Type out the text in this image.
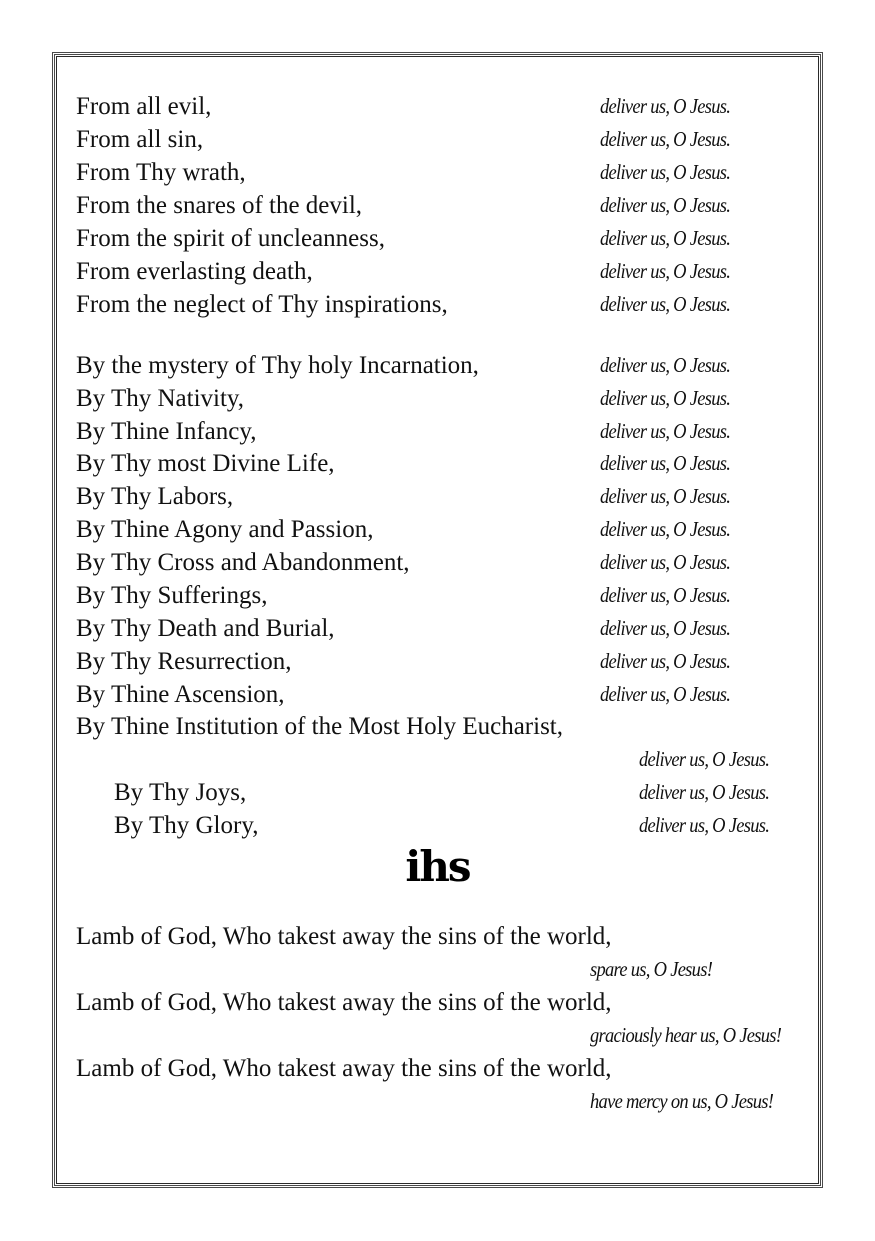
From all evil,	deliver us, O Jesus.
From all sin,	deliver us, O Jesus.
From Thy wrath,	deliver us, O Jesus.
From the snares of the devil,	deliver us, O Jesus.
From the spirit of uncleanness,	deliver us, O Jesus.
From everlasting death,	deliver us, O Jesus.
From the neglect of Thy inspirations,	deliver us, O Jesus.
By the mystery of Thy holy Incarnation,	deliver us, O Jesus.
By Thy Nativity,	deliver us, O Jesus.
By Thine Infancy,	deliver us, O Jesus.
By Thy most Divine Life,	deliver us, O Jesus.
By Thy Labors,	deliver us, O Jesus.
By Thine Agony and Passion,	deliver us, O Jesus.
By Thy Cross and Abandonment,	deliver us, O Jesus.
By Thy Sufferings,	deliver us, O Jesus.
By Thy Death and Burial,	deliver us, O Jesus.
By Thy Resurrection,	deliver us, O Jesus.
By Thine Ascension,	deliver us, O Jesus.
By Thine Institution of the Most Holy Eucharist,
deliver us, O Jesus.
By Thy Joys,	deliver us, O Jesus.
By Thy Glory,	deliver us, O Jesus.
ihs
Lamb of God, Who takest away the sins of the world,
spare us, O Jesus!
Lamb of God, Who takest away the sins of the world,
graciously hear us, O Jesus!
Lamb of God, Who takest away the sins of the world,
have mercy on us, O Jesus!
